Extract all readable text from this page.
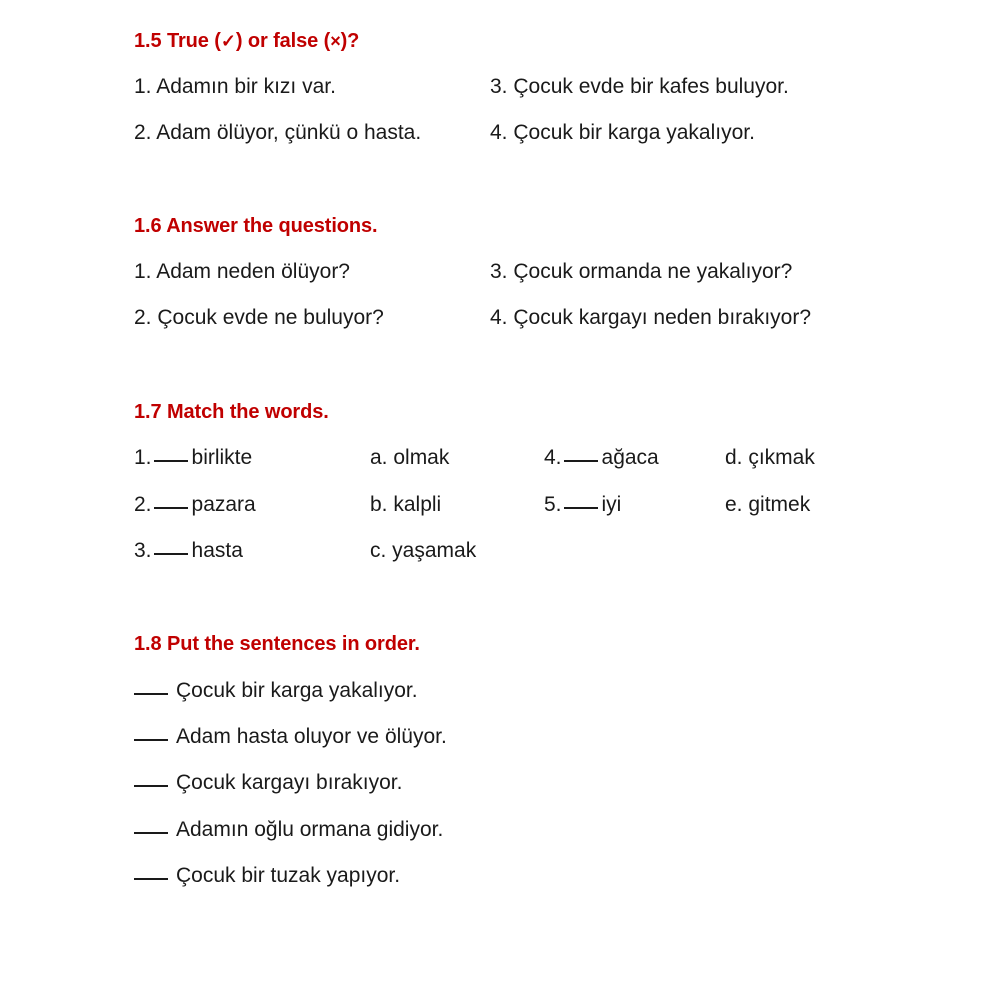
1.5 True (✓) or false (×)?
1. Adamın bir kızı var.
2. Adam ölüyor, çünkü o hasta.
3. Çocuk evde bir kafes buluyor.
4. Çocuk bir karga yakalıyor.
1.6 Answer the questions.
1. Adam neden ölüyor?
2. Çocuk evde ne buluyor?
3. Çocuk ormanda ne yakalıyor?
4. Çocuk kargayı neden bırakıyor?
1.7 Match the words.
1. birlikte
2. pazara
3. hasta
a. olmak
b. kalpli
c. yaşamak
4. ağaca
5. iyi
d. çıkmak
e. gitmek
1.8 Put the sentences in order.
Çocuk bir karga yakalıyor.
Adam hasta oluyor ve ölüyor.
Çocuk kargayı bırakıyor.
Adamın oğlu ormana gidiyor.
Çocuk bir tuzak yapıyor.
